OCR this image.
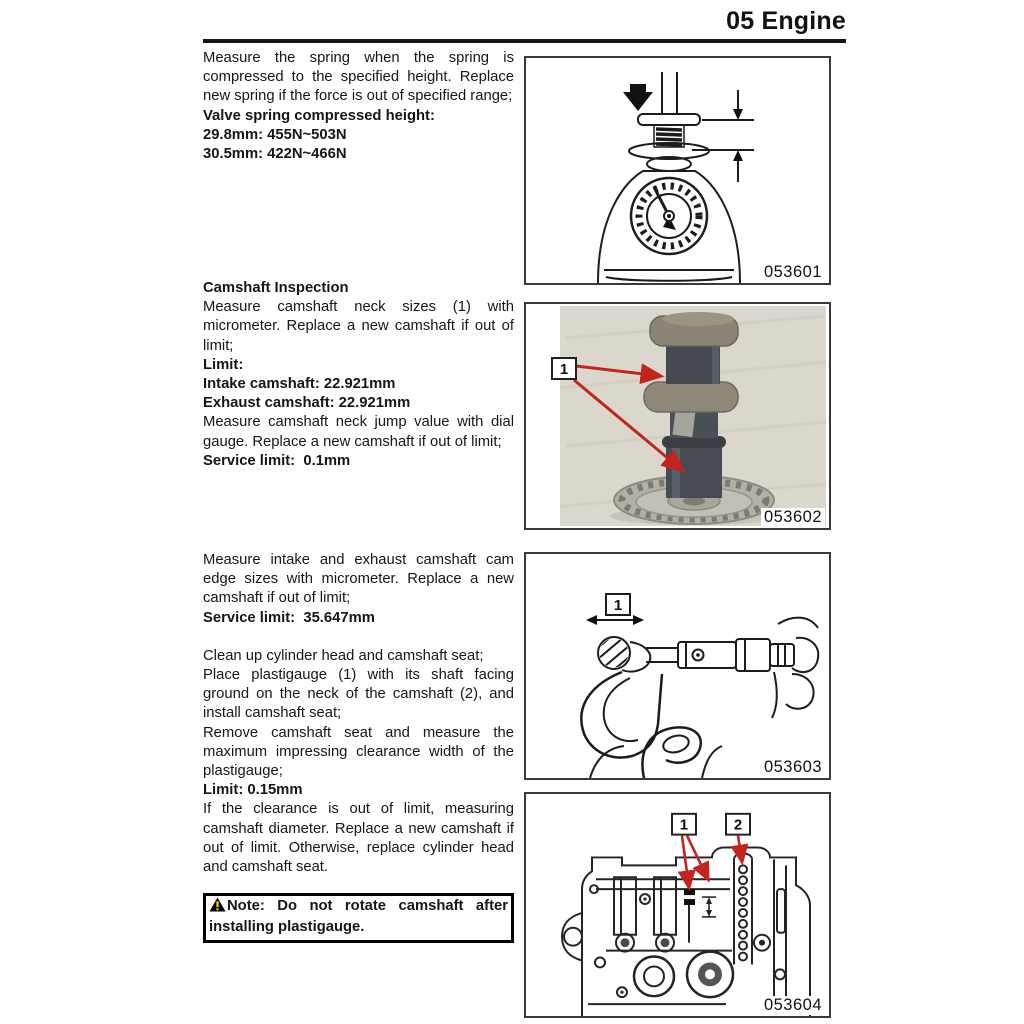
05 Engine

Measure the spring when the spring is compressed to the specified height. Replace new spring if the force is out of specified range;

Valve spring compressed height:

29.8mm: 455N~503N

30.5mm: 422N~466N

Camshaft Inspection

Measure camshaft neck sizes (1) with micrometer. Replace a new camshaft if out of limit;

Limit:

Intake camshaft: 22.921mm

Exhaust camshaft: 22.921mm

Measure camshaft neck jump value with dial gauge. Replace a new camshaft if out of limit;

Service limit:  0.1mm

Measure intake and exhaust camshaft cam edge sizes with micrometer. Replace a new camshaft if out of limit;

Service limit:  35.647mm

Clean up cylinder head and camshaft seat;

Place plastigauge (1) with its shaft facing ground on the neck of the camshaft (2), and install camshaft seat;

Remove camshaft seat and measure the maximum impressing clearance width of the plastigauge;

Limit: 0.15mm

If the clearance is out of limit, measuring camshaft diameter. Replace a new camshaft if out of limit. Otherwise, replace cylinder head and camshaft seat.

Note: Do not rotate camshaft after installing plastigauge.
053601
1
053602
1
053603
1	2
053604
